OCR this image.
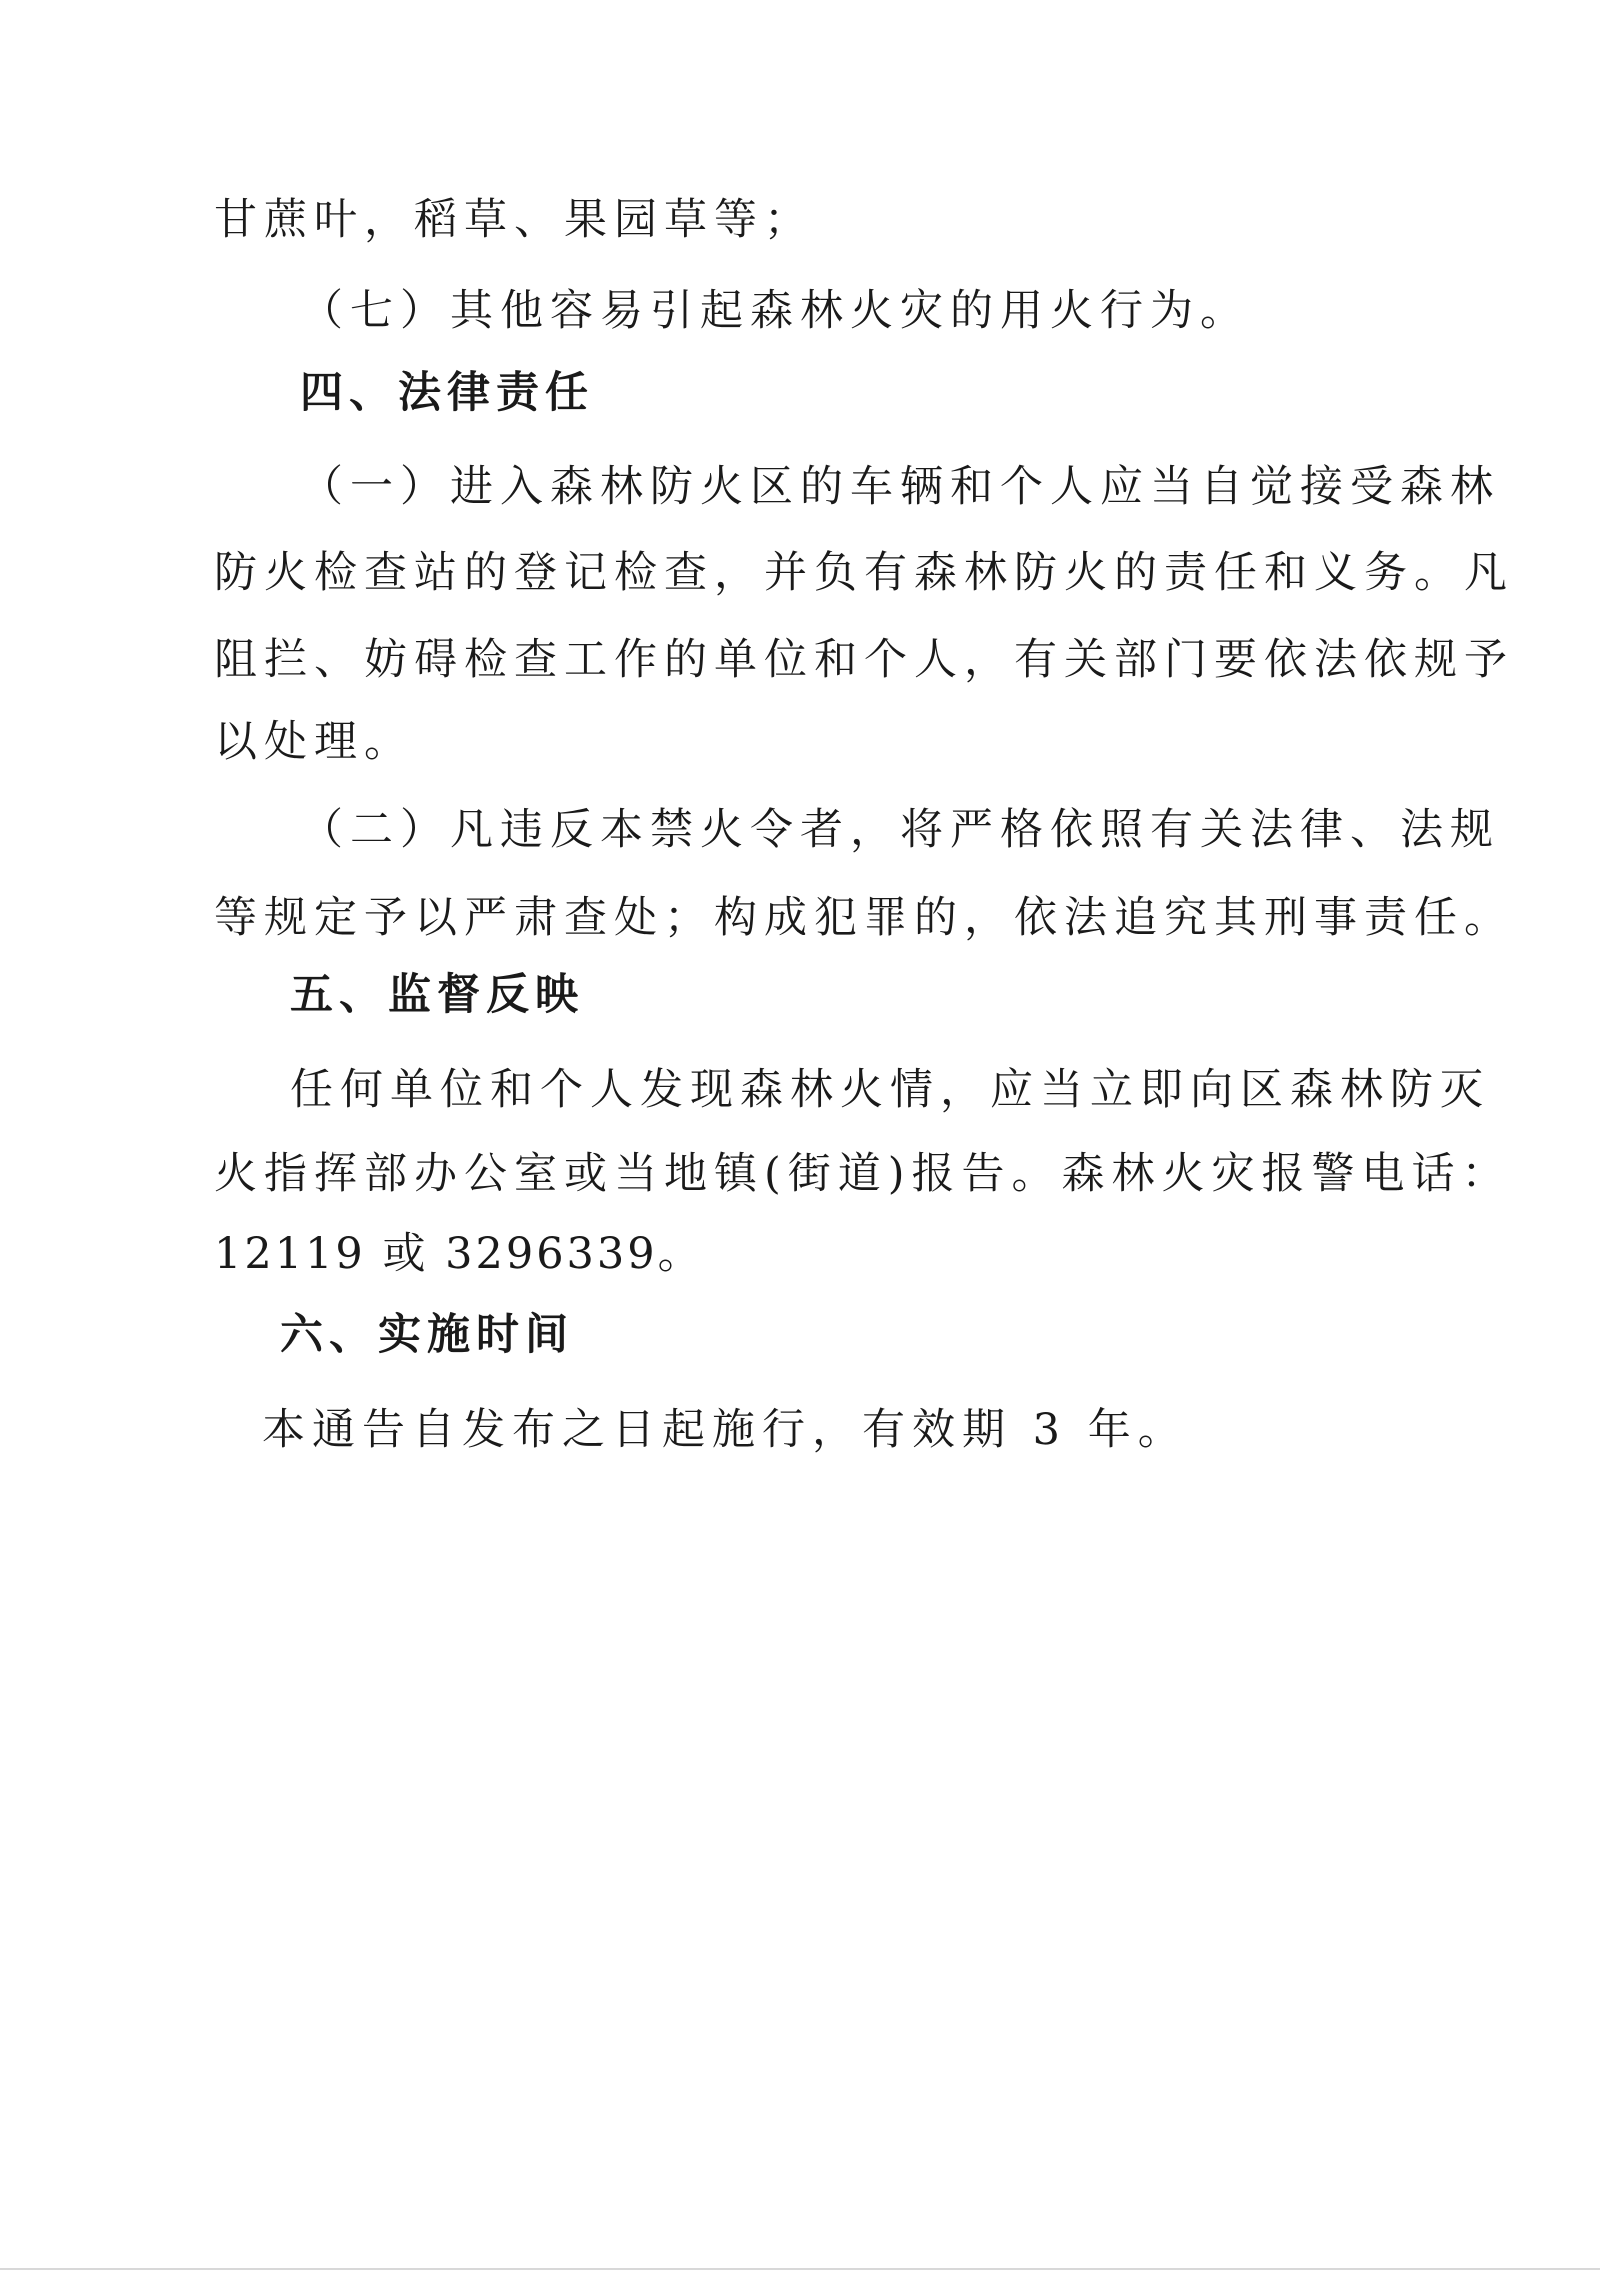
甘蔗叶，稻草、果园草等；
（七）其他容易引起森林火灾的用火行为。
四、法律责任
（一）进入森林防火区的车辆和个人应当自觉接受森林
防火检查站的登记检查，并负有森林防火的责任和义务。凡
阻拦、妨碍检查工作的单位和个人，有关部门要依法依规予
以处理。
（二）凡违反本禁火令者，将严格依照有关法律、法规
等规定予以严肃查处；构成犯罪的，依法追究其刑事责任。
五、监督反映
任何单位和个人发现森林火情，应当立即向区森林防灭
火指挥部办公室或当地镇(街道)报告。森林火灾报警电话：
12119 或 3296339。
六、实施时间
本通告自发布之日起施行，有效期 3 年。
